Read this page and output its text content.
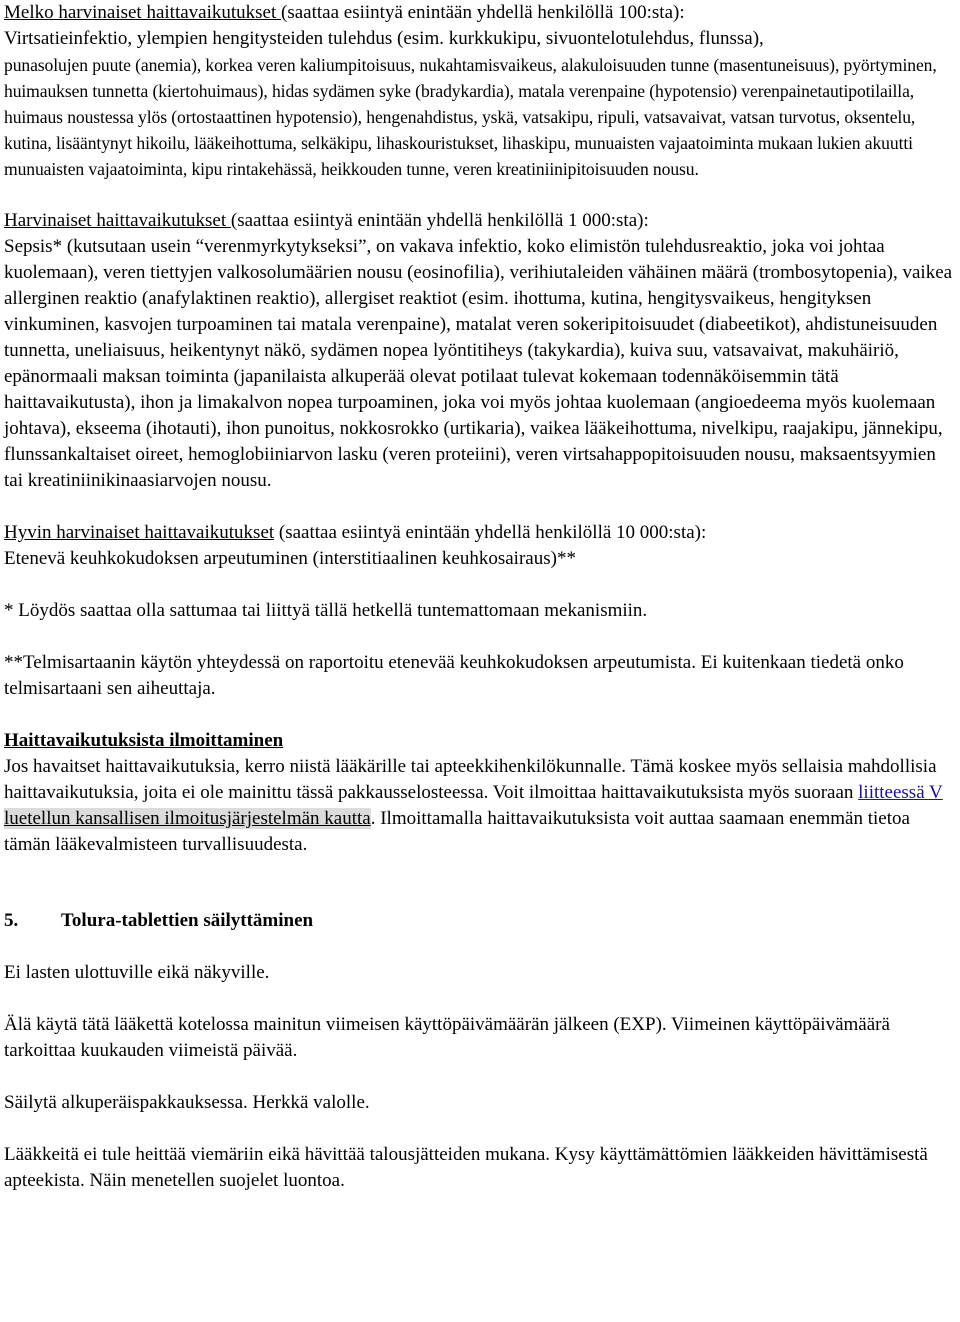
Melko harvinaiset haittavaikutukset (saattaa esiintyä enintään yhdellä henkilöllä 100:sta):
Virtsatieinfektio, ylempien hengitysteiden tulehdus (esim. kurkkukipu, sivuontelotulehdus, flunssa),
punasolujen puute (anemia), korkea veren kaliumpitoisuus, nukahtamisvaikeus, alakuloisuuden tunne (masentuneisuus), pyörtyminen, huimauksen tunnetta (kiertohuimaus), hidas sydämen syke (bradykardia), matala verenpaine (hypotensio) verenpainetautipotilailla, huimaus noustessa ylös (ortostaattinen hypotensio), hengenahdistus, yskä, vatsakipu, ripuli, vatsavaivat, vatsan turvotus, oksentelu, kutina, lisääntynyt hikoilu, lääkeihottuma, selkäkipu, lihaskouristukset, lihaskipu, munuaisten vajaatoiminta mukaan lukien akuutti munuaisten vajaatoiminta, kipu rintakehässä, heikkouden tunne, veren kreatiniinipitoisuuden nousu.
Harvinaiset haittavaikutukset (saattaa esiintyä enintään yhdellä henkilöllä 1 000:sta):
Sepsis* (kutsutaan usein “verenmyrkytykseksi”, on vakava infektio, koko elimistön tulehdusreaktio, joka voi johtaa kuolemaan), veren tiettyjen valkosolumäärien nousu (eosinofilia), verihiutaleiden vähäinen määrä (trombosytopenia), vaikea allerginen reaktio (anafylaktinen reaktio), allergiset reaktiot (esim. ihottuma, kutina, hengitysvaikeus, hengityksen vinkuminen, kasvojen turpoaminen tai matala verenpaine), matalat veren sokeripitoisuudet (diabeetikot), ahdistuneisuuden tunnetta, uneliaisuus, heikentynyt näkö, sydämen nopea lyöntitiheys (takykardia), kuiva suu, vatsavaivat, makuhäiriö, epänormaali maksan toiminta (japanilaista alkuperää olevat potilaat tulevat kokemaan todennäköisemmin tätä haittavaikutusta), ihon ja limakalvon nopea turpoaminen, joka voi myös johtaa kuolemaan (angioedeema myös kuolemaan johtava), ekseema (ihotauti), ihon punoitus, nokkosrokko (urtikaria), vaikea lääkeihottuma, nivelkipu, raajakipu, jännekipu, flunssankaltaiset oireet, hemoglobiiniarvon lasku (veren proteiini), veren virtsahappopitoisuuden nousu, maksaentsyymien tai kreatiniinikinaasiarvojen nousu.
Hyvin harvinaiset haittavaikutukset (saattaa esiintyä enintään yhdellä henkilöllä 10 000:sta):
Etenevä keuhkokudoksen arpeutuminen (interstitiaalinen keuhkosairaus)**
* Löydös saattaa olla sattumaa tai liittyä tällä hetkellä tuntemattomaan mekanismiin.
**Telmisartaanin käytön yhteydessä on raportoitu etenevää keuhkokudoksen arpeutumista. Ei kuitenkaan tiedetä onko telmisartaani sen aiheuttaja.
Haittavaikutuksista ilmoittaminen
Jos havaitset haittavaikutuksia, kerro niistä lääkärille tai apteekkihenkilökunnalle. Tämä koskee myös sellaisia mahdollisia haittavaikutuksia, joita ei ole mainittu tässä pakkausselosteessa. Voit ilmoittaa haittavaikutuksista myös suoraan liitteessä V luetellun kansallisen ilmoitusjärjestelmän kautta. Ilmoittamalla haittavaikutuksista voit auttaa saamaan enemmän tietoa tämän lääkevalmisteen turvallisuudesta.
5. Tolura-tablettien säilyttäminen
Ei lasten ulottuville eikä näkyville.
Älä käytä tätä lääkettä kotelossa mainitun viimeisen käyttöpäivämäärän jälkeen (EXP). Viimeinen käyttöpäivämäärä tarkoittaa kuukauden viimeistä päivää.
Säilytä alkuperäispakkauksessa. Herkkä valolle.
Lääkkeitä ei tule heittää viemäriin eikä hävittää talousjätteiden mukana. Kysy käyttämättömien lääkkeiden hävittämisestä apteekista. Näin menetellen suojelet luontoa.
